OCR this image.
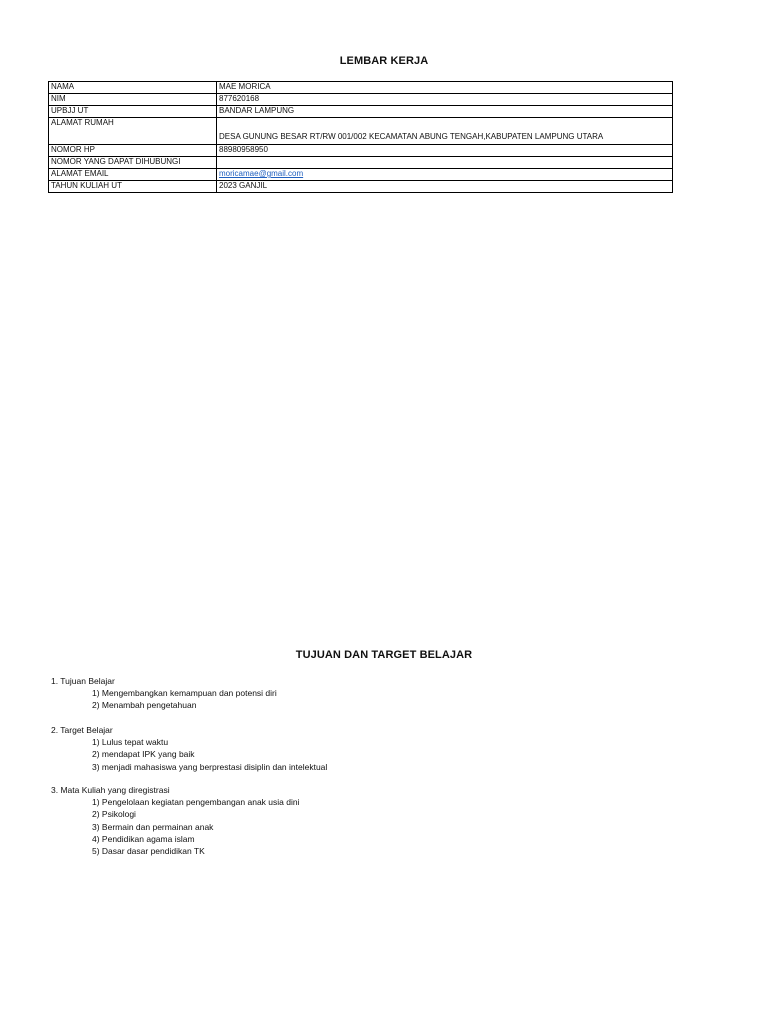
LEMBAR KERJA
NAMA	MAE MORICA
NIM	877620168
UPBJJ UT	BANDAR LAMPUNG
ALAMAT RUMAH	DESA GUNUNG BESAR RT/RW 001/002 KECAMATAN ABUNG TENGAH,KABUPATEN LAMPUNG UTARA
NOMOR HP	88980958950
NOMOR YANG DAPAT DIHUBUNGI	
ALAMAT EMAIL	moricamae@gmail.com
TAHUN KULIAH UT	2023 GANJIL
TUJUAN DAN TARGET BELAJAR
1. Tujuan Belajar
1) Mengembangkan kemampuan dan potensi diri
2) Menambah pengetahuan
2. Target Belajar
1) Lulus tepat waktu
2) mendapat IPK yang baik
3) menjadi mahasiswa yang berprestasi disiplin dan intelektual
3. Mata Kuliah yang diregistrasi
1) Pengelolaan kegiatan pengembangan anak usia dini
2) Psikologi
3) Bermain dan permainan anak
4) Pendidikan agama islam
5) Dasar dasar pendidikan TK
